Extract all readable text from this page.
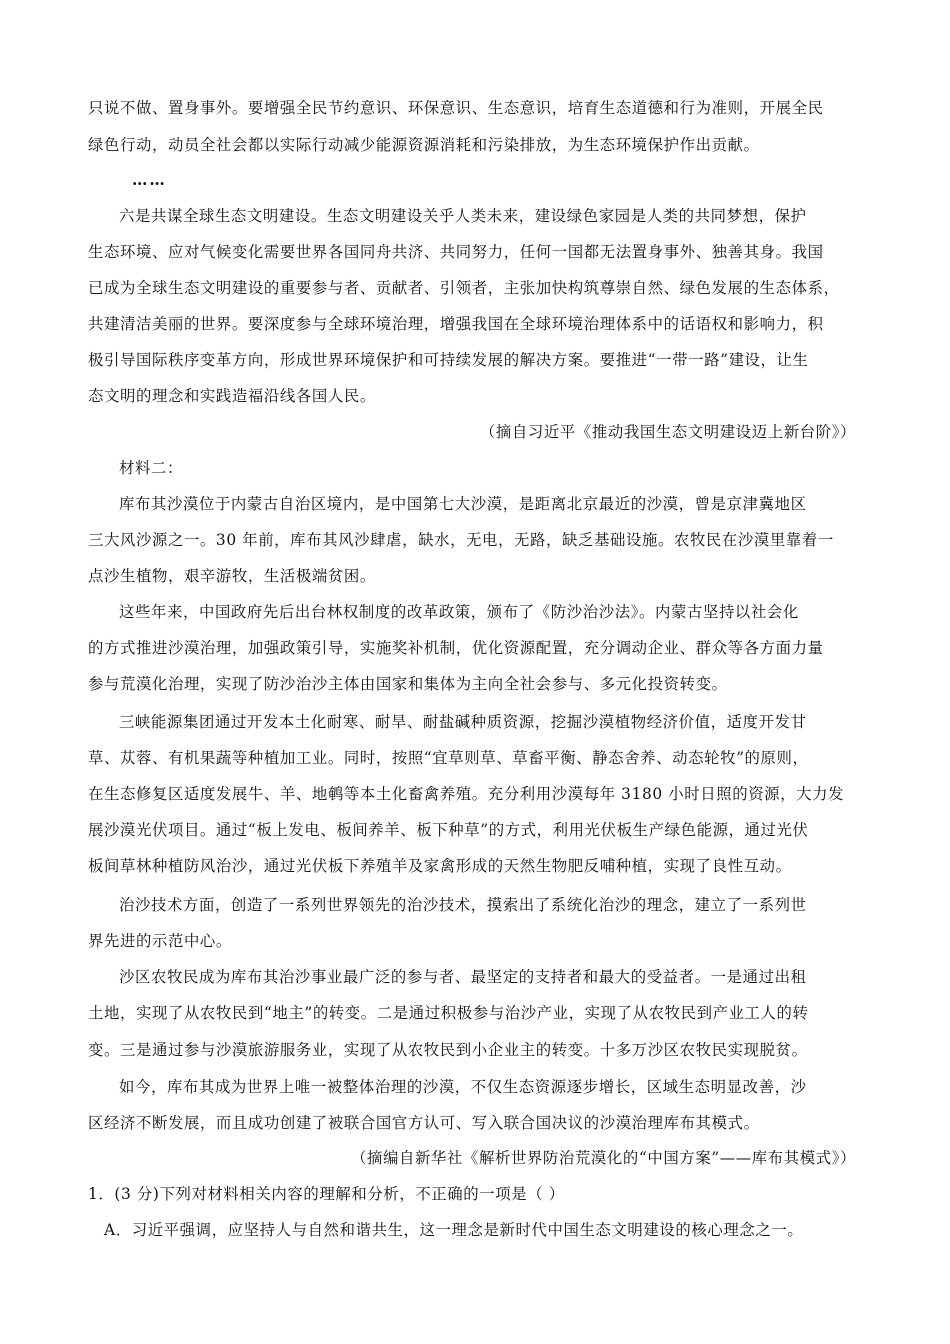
只说不做、置身事外。要增强全民节约意识、环保意识、生态意识，培育生态道德和行为准则，开展全民
绿色行动，动员全社会都以实际行动减少能源资源消耗和污染排放，为生态环境保护作出贡献。
……
六是共谋全球生态文明建设。生态文明建设关乎人类未来，建设绿色家园是人类的共同梦想，保护
生态环境、应对气候变化需要世界各国同舟共济、共同努力，任何一国都无法置身事外、独善其身。我国
已成为全球生态文明建设的重要参与者、贡献者、引领者，主张加快构筑尊崇自然、绿色发展的生态体系，
共建清洁美丽的世界。要深度参与全球环境治理，增强我国在全球环境治理体系中的话语权和影响力，积
极引导国际秩序变革方向，形成世界环境保护和可持续发展的解决方案。要推进“一带一路”建设，让生
态文明的理念和实践造福沿线各国人民。
（摘自习近平《推动我国生态文明建设迈上新台阶》）
材料二：
库布其沙漠位于内蒙古自治区境内，是中国第七大沙漠，是距离北京最近的沙漠，曾是京津冀地区
三大风沙源之一。30 年前，库布其风沙肆虐，缺水，无电，无路，缺乏基础设施。农牧民在沙漠里靠着一
点沙生植物，艰辛游牧，生活极端贫困。
这些年来，中国政府先后出台林权制度的改革政策，颁布了《防沙治沙法》。内蒙古坚持以社会化
的方式推进沙漠治理，加强政策引导，实施奖补机制，优化资源配置，充分调动企业、群众等各方面力量
参与荒漠化治理，实现了防沙治沙主体由国家和集体为主向全社会参与、多元化投资转变。
三峡能源集团通过开发本土化耐寒、耐旱、耐盐碱种质资源，挖掘沙漠植物经济价值，适度开发甘
草、苁蓉、有机果蔬等种植加工业。同时，按照“宜草则草、草畜平衡、静态舍养、动态轮牧”的原则，
在生态修复区适度发展牛、羊、地鹌等本土化畜禽养殖。充分利用沙漠每年 3180 小时日照的资源，大力发
展沙漠光伏项目。通过“板上发电、板间养羊、板下种草”的方式，利用光伏板生产绿色能源，通过光伏
板间草林种植防风治沙，通过光伏板下养殖羊及家禽形成的天然生物肥反哺种植，实现了良性互动。
治沙技术方面，创造了一系列世界领先的治沙技术，摸索出了系统化治沙的理念，建立了一系列世
界先进的示范中心。
沙区农牧民成为库布其治沙事业最广泛的参与者、最坚定的支持者和最大的受益者。一是通过出租
土地，实现了从农牧民到“地主”的转变。二是通过积极参与治沙产业，实现了从农牧民到产业工人的转
变。三是通过参与沙漠旅游服务业，实现了从农牧民到小企业主的转变。十多万沙区农牧民实现脱贫。
如今，库布其成为世界上唯一被整体治理的沙漠，不仅生态资源逐步增长，区域生态明显改善，沙
区经济不断发展，而且成功创建了被联合国官方认可、写入联合国决议的沙漠治理库布其模式。
（摘编自新华社《解析世界防治荒漠化的“中国方案”——库布其模式》）
1．(3 分)下列对材料相关内容的理解和分析，不正确的一项是（ ）
A．习近平强调，应坚持人与自然和谐共生，这一理念是新时代中国生态文明建设的核心理念之一。
